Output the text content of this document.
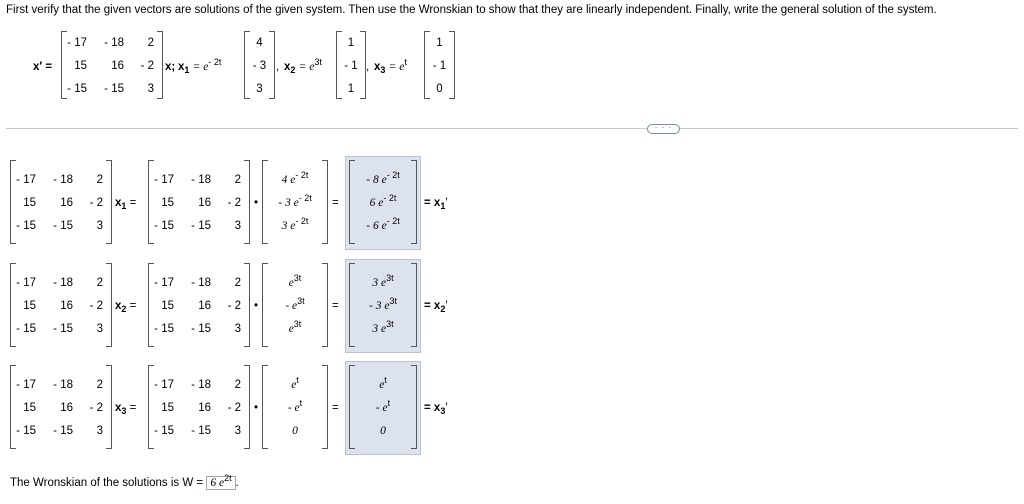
First verify that the given vectors are solutions of the given system. Then use the Wronskian to show that they are linearly independent. Finally, write the general solution of the system.
x′ =
- 17 - 18 2
15 16 - 2
- 15 - 15 3
x; $x_1 = e^{- 2t}$
4
- 3
3
, $x_2 = e^{3t}$
1
- 1
1
, $x_3 = e^t$
1
- 1
0
· · ·
- 17 - 18 2
15 16 - 2
- 15 - 15 3
$x_1$ =
- 17 - 18 2
15 16 - 2
- 15 - 15 3
•
4 $e^{- 2t}$
- 3 $e^{- 2t}$
3 $e^{- 2t}$
=
- 8 $e^{- 2t}$
6 $e^{- 2t}$
- 6 $e^{- 2t}$
= $x_1'$
- 17 - 18 2
15 16 - 2
- 15 - 15 3
$x_2$ =
- 17 - 18 2
15 16 - 2
- 15 - 15 3
•
$e^{3t}$
- $e^{3t}$
$e^{3t}$
=
3 $e^{3t}$
- 3 $e^{3t}$
3 $e^{3t}$
= $x_2'$
- 17 - 18 2
15 16 - 2
- 15 - 15 3
$x_3$ =
- 17 - 18 2
15 16 - 2
- 15 - 15 3
•
$e^t$
- $e^t$
0
=
$e^t$
- $e^t$
0
= $x_3'$
The Wronskian of the solutions is W = 6 $e^{2t}$ .
